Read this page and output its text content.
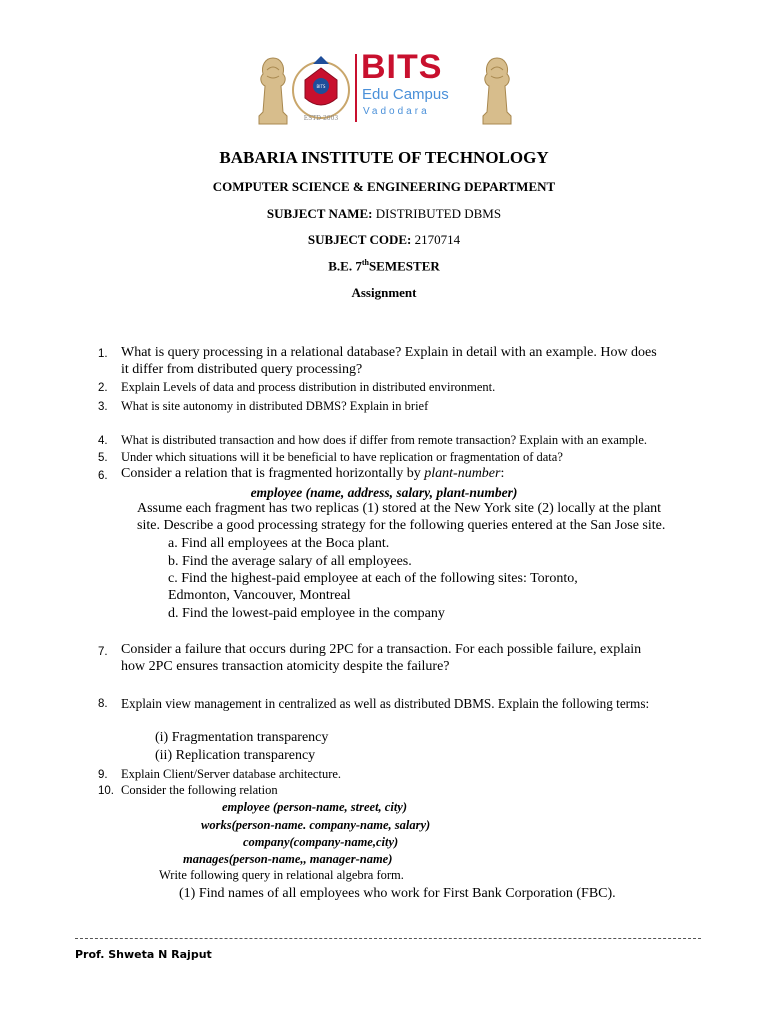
ESTD 2003
BITS
BITS
Edu Campus
Vadodara
BABARIA INSTITUTE OF TECHNOLOGY
COMPUTER SCIENCE & ENGINEERING DEPARTMENT
SUBJECT NAME: DISTRIBUTED DBMS
SUBJECT CODE: 2170714
B.E. 7thSEMESTER
Assignment
1. What is query processing in a relational database? Explain in detail with an example. How does
it differ from distributed query processing?
2. Explain Levels of data and process distribution in distributed environment.
3. What is site autonomy in distributed DBMS? Explain in brief
4. What is distributed transaction and how does if differ from remote transaction? Explain with an example.
5. Under which situations will it be beneficial to have replication or fragmentation of data?
6. Consider a relation that is fragmented horizontally by plant-number:
employee (name, address, salary, plant-number)
Assume each fragment has two replicas (1) stored at the New York site (2) locally at the plant
site. Describe a good processing strategy for the following queries entered at the San Jose site.
a. Find all employees at the Boca plant.
b. Find the average salary of all employees.
c. Find the highest-paid employee at each of the following sites: Toronto,
Edmonton, Vancouver, Montreal
d. Find the lowest-paid employee in the company
7. Consider a failure that occurs during 2PC for a transaction. For each possible failure, explain
how 2PC ensures transaction atomicity despite the failure?
8. Explain view management in centralized as well as distributed DBMS. Explain the following terms:
(i) Fragmentation transparency
(ii) Replication transparency
9. Explain Client/Server database architecture.
10. Consider the following relation
employee (person-name, street, city)
works(person-name. company-name, salary)
company(company-name,city)
manages(person-name,, manager-name)
Write following query in relational algebra form.
(1) Find names of all employees who work for First Bank Corporation (FBC).
Prof. Shweta N Rajput
